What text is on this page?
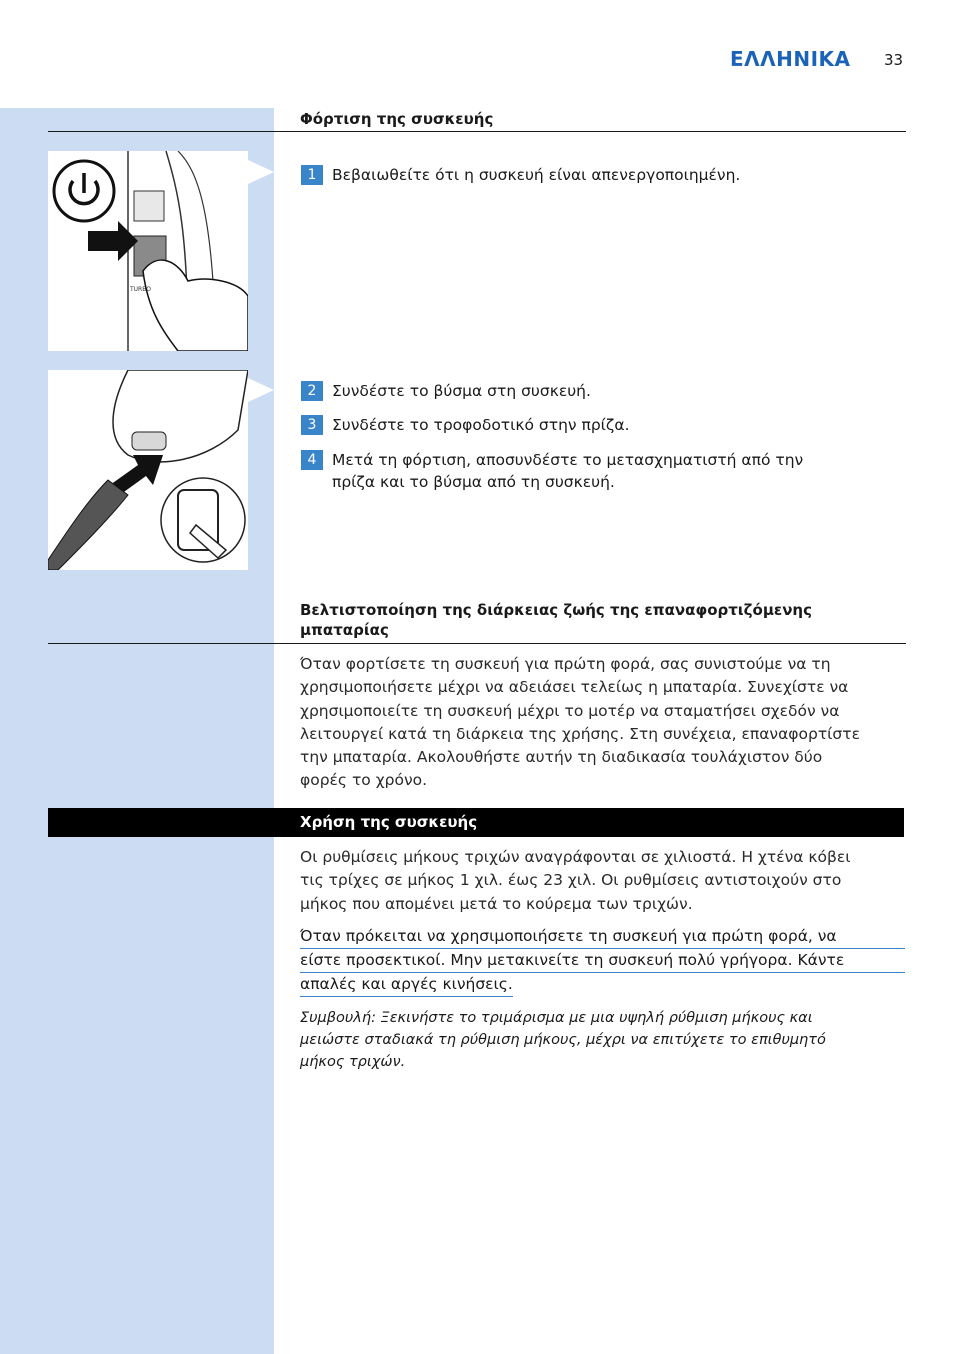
ΕΛΛΗΝΙΚΑ 33
Φόρτιση της συσκευής
TURBO
1	Βεβαιωθείτε ότι η συσκευή είναι απενεργοποιημένη.
2	Συνδέστε το βύσμα στη συσκευή.
3	Συνδέστε το τροφοδοτικό στην πρίζα.
4	Μετά τη φόρτιση, αποσυνδέστε το μετασχηματιστή από την
πρίζα και το βύσμα από τη συσκευή.
Βελτιστοποίηση της διάρκειας ζωής της επαναφορτιζόμενης
μπαταρίας
Όταν φορτίσετε τη συσκευή για πρώτη φορά, σας συνιστούμε να τη
χρησιμοποιήσετε μέχρι να αδειάσει τελείως η μπαταρία. Συνεχίστε να
χρησιμοποιείτε τη συσκευή μέχρι το μοτέρ να σταματήσει σχεδόν να
λειτουργεί κατά τη διάρκεια της χρήσης. Στη συνέχεια, επαναφορτίστε
την μπαταρία. Ακολουθήστε αυτήν τη διαδικασία τουλάχιστον δύο
φορές το χρόνο.
Χρήση της συσκευής
Οι ρυθμίσεις μήκους τριχών αναγράφονται σε χιλιοστά. Η χτένα κόβει
τις τρίχες σε μήκος 1 χιλ. έως 23 χιλ. Οι ρυθμίσεις αντιστοιχούν στο
μήκος που απομένει μετά το κούρεμα των τριχών.
Όταν πρόκειται να χρησιμοποιήσετε τη συσκευή για πρώτη φορά, να
είστε προσεκτικοί. Μην μετακινείτε τη συσκευή πολύ γρήγορα. Κάντε
απαλές και αργές κινήσεις.
Συμβουλή: Ξεκινήστε το τριμάρισμα με μια υψηλή ρύθμιση μήκους και
μειώστε σταδιακά τη ρύθμιση μήκους, μέχρι να επιτύχετε το επιθυμητό
μήκος τριχών.
